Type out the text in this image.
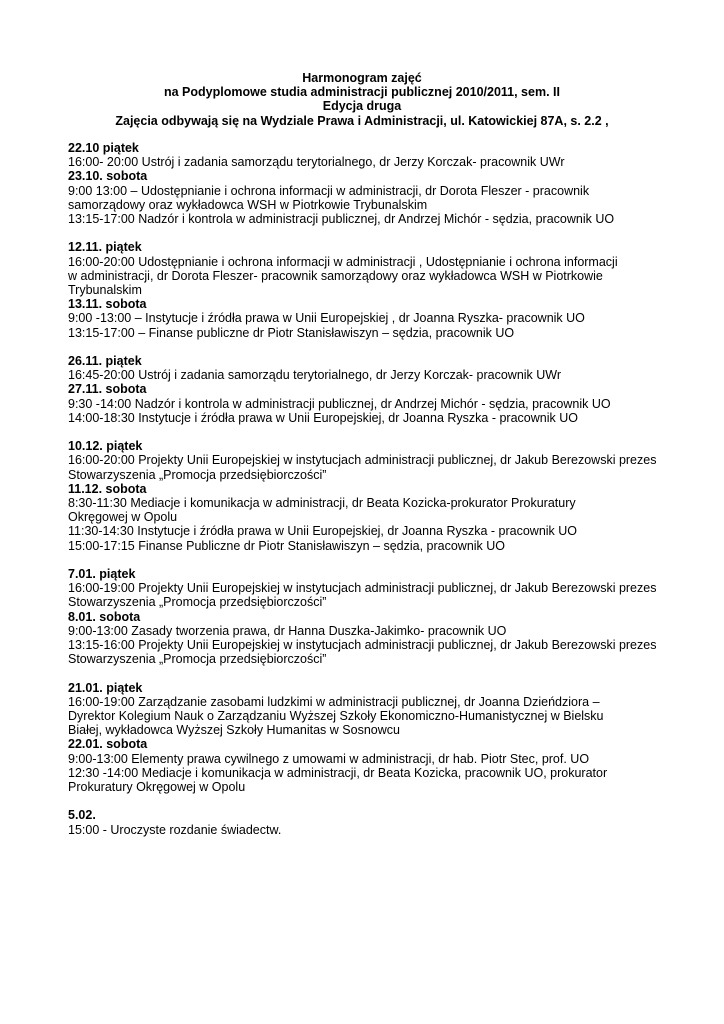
Harmonogram zajęć
na Podyplomowe studia administracji publicznej 2010/2011, sem. II
Edycja druga
Zajęcia odbywają się na Wydziale Prawa i Administracji, ul. Katowickiej 87A, s. 2.2 ,
22.10 piątek
16:00- 20:00 Ustrój i zadania samorządu terytorialnego, dr Jerzy Korczak- pracownik UWr
23.10. sobota
9:00 13:00 – Udostępnianie i ochrona informacji w administracji, dr Dorota Fleszer - pracownik
samorządowy oraz wykładowca WSH w Piotrkowie Trybunalskim
13:15-17:00 Nadzór i kontrola w administracji publicznej, dr Andrzej Michór - sędzia, pracownik UO
12.11. piątek
16:00-20:00 Udostępnianie i ochrona informacji w administracji , Udostępnianie i ochrona informacji
w administracji, dr Dorota Fleszer- pracownik samorządowy oraz wykładowca WSH w Piotrkowie
Trybunalskim
13.11. sobota
9:00 -13:00 – Instytucje i źródła prawa w Unii Europejskiej , dr Joanna Ryszka- pracownik UO
13:15-17:00 – Finanse publiczne dr Piotr Stanisławiszyn – sędzia, pracownik UO
26.11. piątek
16:45-20:00 Ustrój i zadania samorządu terytorialnego, dr Jerzy Korczak- pracownik UWr
27.11. sobota
9:30 -14:00 Nadzór i kontrola w administracji publicznej, dr Andrzej Michór - sędzia, pracownik UO
14:00-18:30 Instytucje i źródła prawa w Unii Europejskiej, dr Joanna Ryszka - pracownik UO
10.12. piątek
16:00-20:00 Projekty Unii Europejskiej w instytucjach administracji publicznej, dr Jakub Berezowski prezes
Stowarzyszenia „Promocja przedsiębiorczości”
11.12. sobota
8:30-11:30 Mediacje i komunikacja w administracji, dr Beata Kozicka-prokurator Prokuratury
Okręgowej w Opolu
11:30-14:30 Instytucje i źródła prawa w Unii Europejskiej, dr Joanna Ryszka - pracownik UO
15:00-17:15 Finanse Publiczne dr Piotr Stanisławiszyn – sędzia, pracownik UO
7.01. piątek
16:00-19:00 Projekty Unii Europejskiej w instytucjach administracji publicznej, dr Jakub Berezowski prezes
Stowarzyszenia „Promocja przedsiębiorczości”
8.01. sobota
9:00-13:00 Zasady tworzenia prawa, dr Hanna Duszka-Jakimko- pracownik UO
13:15-16:00 Projekty Unii Europejskiej w instytucjach administracji publicznej, dr Jakub Berezowski prezes
Stowarzyszenia „Promocja przedsiębiorczości”
21.01. piątek
16:00-19:00 Zarządzanie zasobami ludzkimi w administracji publicznej, dr Joanna Dzieńdziora –
Dyrektor Kolegium Nauk o Zarządzaniu Wyższej Szkoły Ekonomiczno-Humanistycznej w Bielsku
Białej, wykładowca Wyższej Szkoły Humanitas w Sosnowcu
22.01. sobota
9:00-13:00 Elementy prawa cywilnego z umowami w administracji, dr hab. Piotr Stec, prof. UO
12:30 -14:00 Mediacje i komunikacja w administracji, dr Beata Kozicka, pracownik UO, prokurator
Prokuratury Okręgowej w Opolu
5.02.
15:00 - Uroczyste rozdanie świadectw.
